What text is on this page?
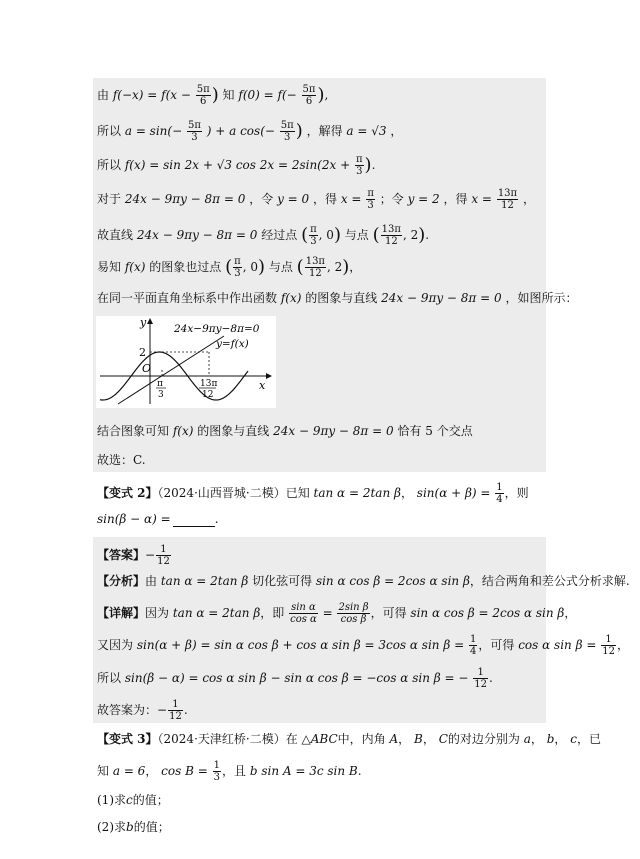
由 $f(-x) = f(x - \frac{5\pi}{6}$ ) 知 $f(0) = f(- \frac{5\pi}{6}$ ),
所以 $a = \sin(- \frac{5\pi}{3}$ ) + a $\cos(- \frac{5\pi}{3}$ ) ，解得 a = √3 ，
所以 f(x) = sin 2x + √3 $\cos 2x = 2\sin(2x + \frac{\pi}{3}$ ).
对于 24x − 9πy − 8π = 0 ，令 y = 0 ，得 $x = \frac{\pi}{3}$ ；令 y = 2 ，得 $x = \frac{13\pi}{12}$ ，
故直线 24x − 9πy − 8π = 0 经过点 ( $\frac{\pi}{3}$ , 0) 与点 ( $\frac{13\pi}{12}$ , 2).
易知 f(x) 的图象也过点 ( $\frac{\pi}{3}$ , 0) 与点 ( $\frac{13\pi}{12}$ , 2)，
在同一平面直角坐标系中作出函数 f(x) 的图象与直线 24x − 9πy − 8π = 0 ，如图所示：
y
x
O
2
24x−9πy−8π=0
y=f(x)
π
3
13π
12
结合图象可知 f(x) 的图象与直线 24x − 9πy − 8π = 0 恰有 5 个交点
故选：C.
【变式 2】（2024·山西晋城·二模）已知 tan α = 2tan β， $\sin(\alpha + \beta) = \frac{1}{4}$ ，则
sin(β − α) =	.
【答案】− $\frac{1}{12}$
【分析】由 tan α = 2tan β 切化弦可得 sin α cos β = 2cos α sin β，结合两角和差公式分析求解.
【详解】因为 tan α = 2tan β，即 $\frac{\text{sin α}}{\text{cos α}} = \frac{\text{2sin β}}{\text{cos β}}$ ，可得 sin α cos β = 2cos α sin β，
又因为 sin(α + β) = sin α cos β + cos α sin β = 3cos α $\sin \beta = \frac{1}{4}$ ，可得 cos α $\sin \beta = \frac{1}{12}$ ，
所以 sin(β − α) = cos α sin β − sin α cos β = −cos α sin β = − $\frac{1}{12}$ .
故答案为：− $\frac{1}{12}$ .
【变式 3】（2024·天津红桥·二模）在 △ABC中，内角 A， B， C的对边分别为 a， b， c，已
知 a = 6， $\cos B = \frac{1}{3}$ ，且 b sin A = 3c sin B.
(1)求c的值；
(2)求b的值；
